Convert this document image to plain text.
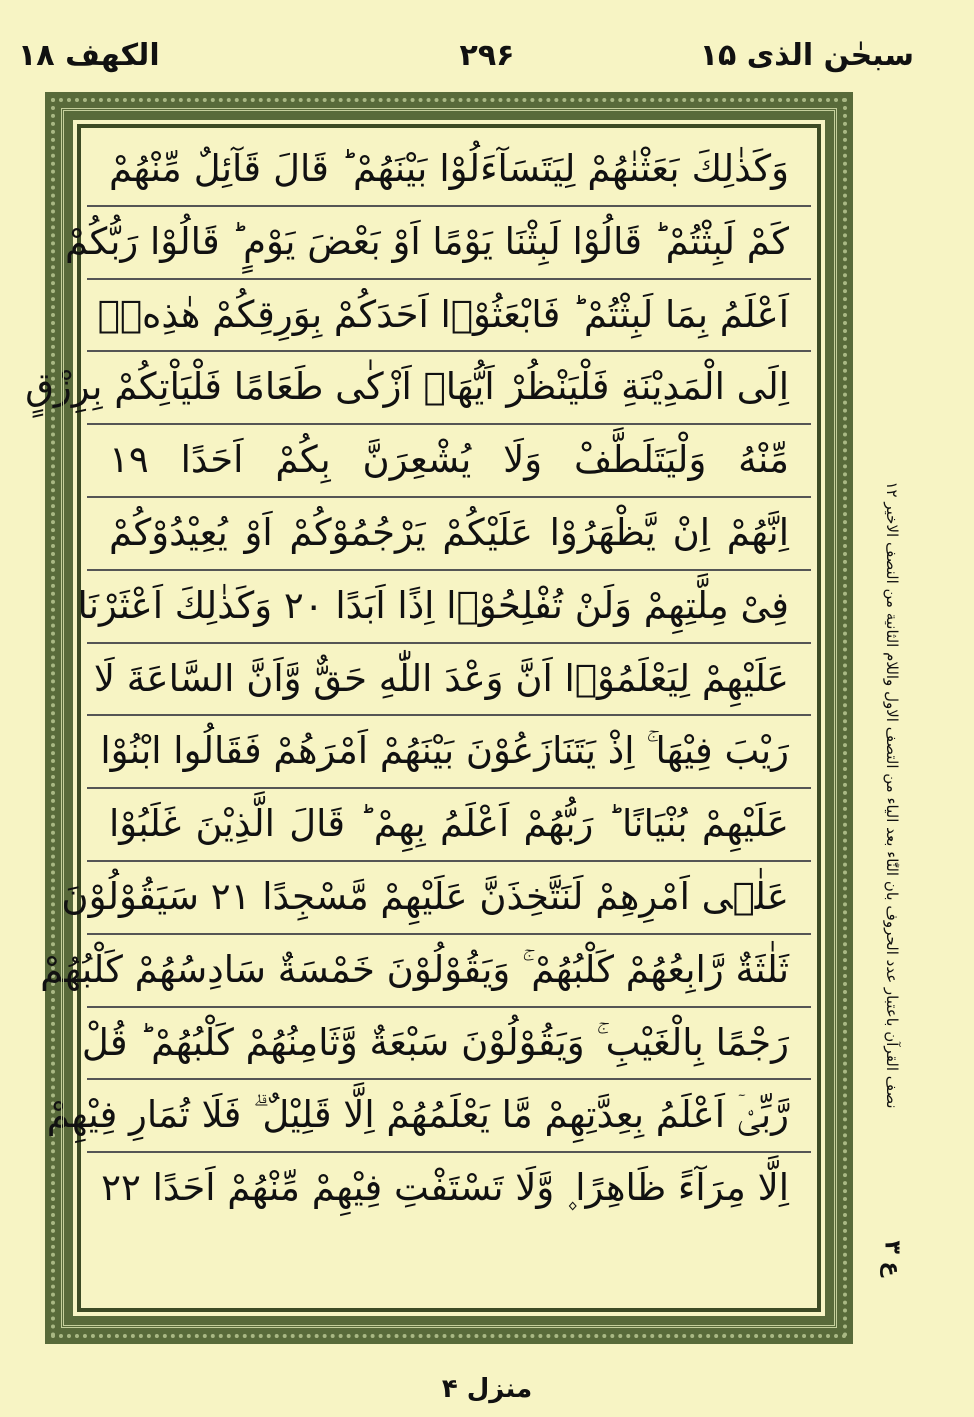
سبحٰن الذی ۱۵
۲۹۶
الکھف ۱۸
وَكَذٰلِكَ بَعَثْنٰهُمْ لِيَتَسَآءَلُوْا بَيْنَهُمْ ؕ قَالَ قَآئِلٌ مِّنْهُمْ
كَمْ لَبِثْتُمْ ؕ قَالُوْا لَبِثْنَا يَوْمًا اَوْ بَعْضَ يَوْمٍ ؕ قَالُوْا رَبُّكُمْ
اَعْلَمُ بِمَا لَبِثْتُمْ ؕ فَابْعَثُوْۤا اَحَدَكُمْ بِوَرِقِكُمْ هٰذِهٖۤ
اِلَى الْمَدِيْنَةِ فَلْيَنْظُرْ اَيُّهَاۤ اَزْكٰى طَعَامًا فَلْيَاْتِكُمْ بِرِزْقٍ
مِّنْهُ وَلْيَتَلَطَّفْ وَلَا يُشْعِرَنَّ بِكُمْ اَحَدًا ۱۹
اِنَّهُمْ اِنْ يَّظْهَرُوْا عَلَيْكُمْ يَرْجُمُوْكُمْ اَوْ يُعِيْدُوْكُمْ
فِىْ مِلَّتِهِمْ وَلَنْ تُفْلِحُوْۤا اِذًا اَبَدًا ۲۰ وَكَذٰلِكَ اَعْثَرْنَا
عَلَيْهِمْ لِيَعْلَمُوْۤا اَنَّ وَعْدَ اللّٰهِ حَقٌّ وَّاَنَّ السَّاعَةَ لَا
رَيْبَ فِيْهَا ۚ اِذْ يَتَنَازَعُوْنَ بَيْنَهُمْ اَمْرَهُمْ فَقَالُوا ابْنُوْا
عَلَيْهِمْ بُنْيَانًا ؕ رَبُّهُمْ اَعْلَمُ بِهِمْ ؕ قَالَ الَّذِيْنَ غَلَبُوْا
عَلٰۤى اَمْرِهِمْ لَنَتَّخِذَنَّ عَلَيْهِمْ مَّسْجِدًا ۲۱ سَيَقُوْلُوْنَ
ثَلٰثَةٌ رَّابِعُهُمْ كَلْبُهُمْ ۚ وَيَقُوْلُوْنَ خَمْسَةٌ سَادِسُهُمْ كَلْبُهُمْ
رَجْمًا بِالْغَيْبِ ۚ وَيَقُوْلُوْنَ سَبْعَةٌ وَّثَامِنُهُمْ كَلْبُهُمْ ؕ قُلْ
رَّبِّىْۤ اَعْلَمُ بِعِدَّتِهِمْ مَّا يَعْلَمُهُمْ اِلَّا قَلِيْلٌ ۗ فَلَا تُمَارِ فِيْهِمْ
اِلَّا مِرَآءً ظَاهِرًا ۪ وَّلَا تَسْتَفْتِ فِيْهِمْ مِّنْهُمْ اَحَدًا ۲۲
نصف القرآن باعتبار عدد الحروف بان النّٰاء بعد الیاء من التصف الاول واللام الثانیة من النصف الاخیر ۱۲
ع ۳
منزل ۴
